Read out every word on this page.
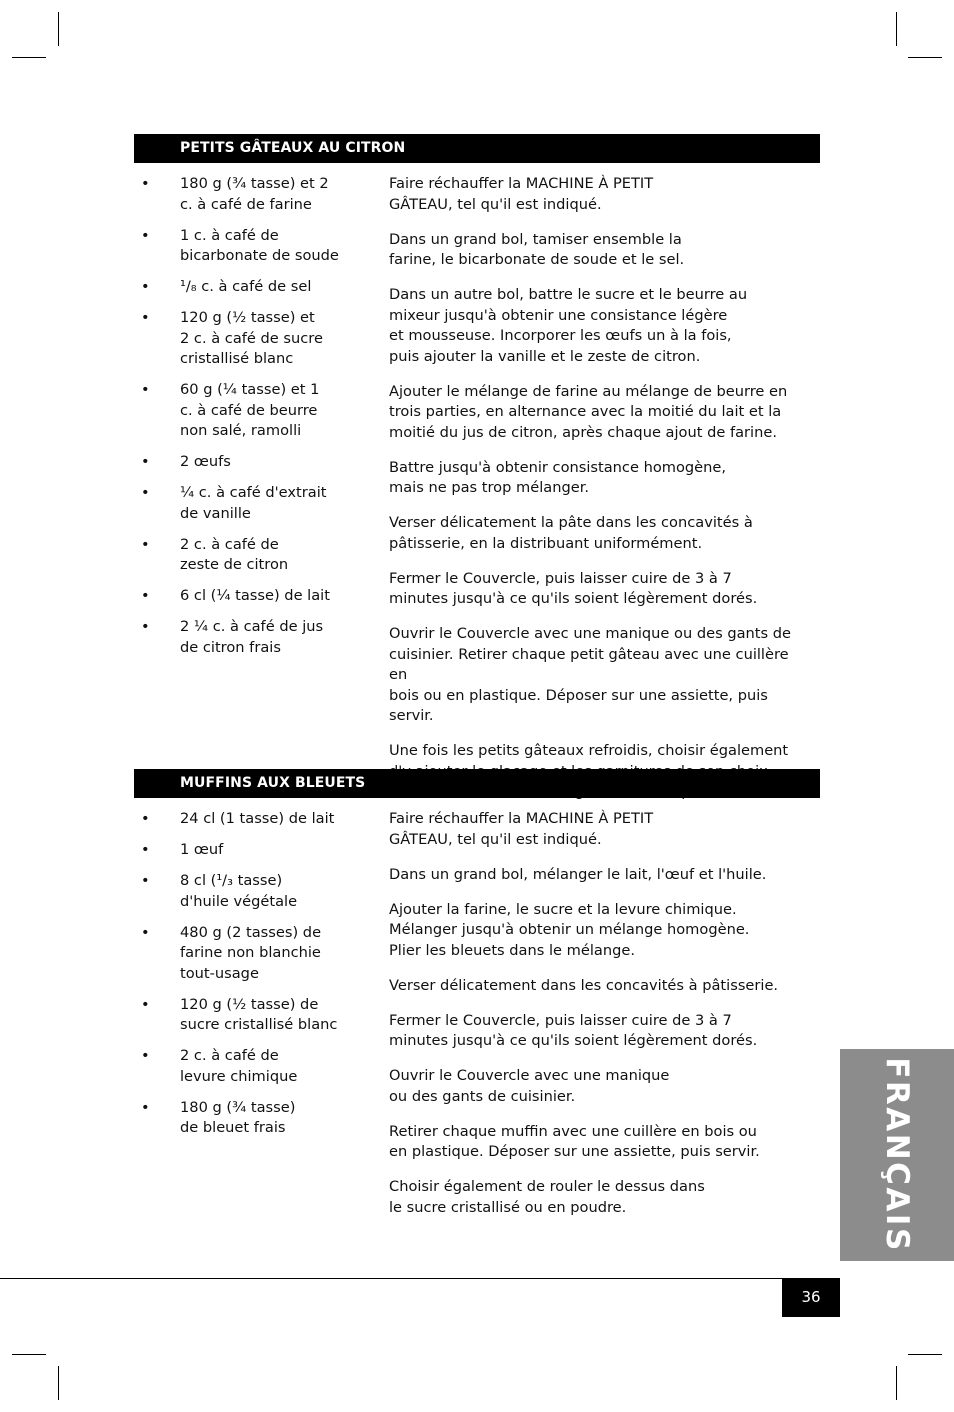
PETITS GÂTEAUX AU CITRON
• 180 g (¾ tasse) et 2
c. à café de farine
• 1 c. à café de
bicarbonate de soude
• ¹/₈ c. à café de sel
• 120 g (½ tasse) et
2 c. à café de sucre
cristallisé blanc
• 60 g (¼ tasse) et 1
c. à café de beurre
non salé, ramolli
• 2 œufs
• ¼ c. à café d'extrait
de vanille
• 2 c. à café de
zeste de citron
• 6 cl (¼ tasse) de lait
• 2 ¼ c. à café de jus
de citron frais

Faire réchauffer la MACHINE À PETIT
GÂTEAU, tel qu'il est indiqué.

Dans un grand bol, tamiser ensemble la
farine, le bicarbonate de soude et le sel.

Dans un autre bol, battre le sucre et le beurre au
mixeur jusqu'à obtenir une consistance légère
et mousseuse. Incorporer les œufs un à la fois,
puis ajouter la vanille et le zeste de citron.

Ajouter le mélange de farine au mélange de beurre en
trois parties, en alternance avec la moitié du lait et la
moitié du jus de citron, après chaque ajout de farine.

Battre jusqu'à obtenir consistance homogène,
mais ne pas trop mélanger.

Verser délicatement la pâte dans les concavités à
pâtisserie, en la distribuant uniformément.

Fermer le Couvercle, puis laisser cuire de 3 à 7
minutes jusqu'à ce qu'ils soient légèrement dorés.

Ouvrir le Couvercle avec une manique ou des gants de
cuisinier. Retirer chaque petit gâteau avec une cuillère en
bois ou en plastique. Déposer sur une assiette, puis servir.

Une fois les petits gâteaux refroidis, choisir également

MUFFINS AUX BLEUETS
• 24 cl (1 tasse) de lait
• 1 œuf
• 8 cl (¹/₃ tasse)
d'huile végétale
• 480 g (2 tasses) de
farine non blanchie
tout-usage
• 120 g (½ tasse) de
sucre cristallisé blanc
• 2 c. à café de
levure chimique
• 180 g (¾ tasse)
de bleuet frais

Faire réchauffer la MACHINE À PETIT
GÂTEAU, tel qu'il est indiqué.

Dans un grand bol, mélanger le lait, l'œuf et l'huile.

Ajouter la farine, le sucre et la levure chimique.
Mélanger jusqu'à obtenir un mélange homogène.
Plier les bleuets dans le mélange.

Verser délicatement dans les concavités à pâtisserie.

Fermer le Couvercle, puis laisser cuire de 3 à 7
minutes jusqu'à ce qu'ils soient légèrement dorés.

Ouvrir le Couvercle avec une manique
ou des gants de cuisinier.

Retirer chaque muffin avec une cuillère en bois ou
en plastique. Déposer sur une assiette, puis servir.

Choisir également de rouler le dessus dans
le sucre cristallisé ou en poudre.	FRANÇAIS
36
